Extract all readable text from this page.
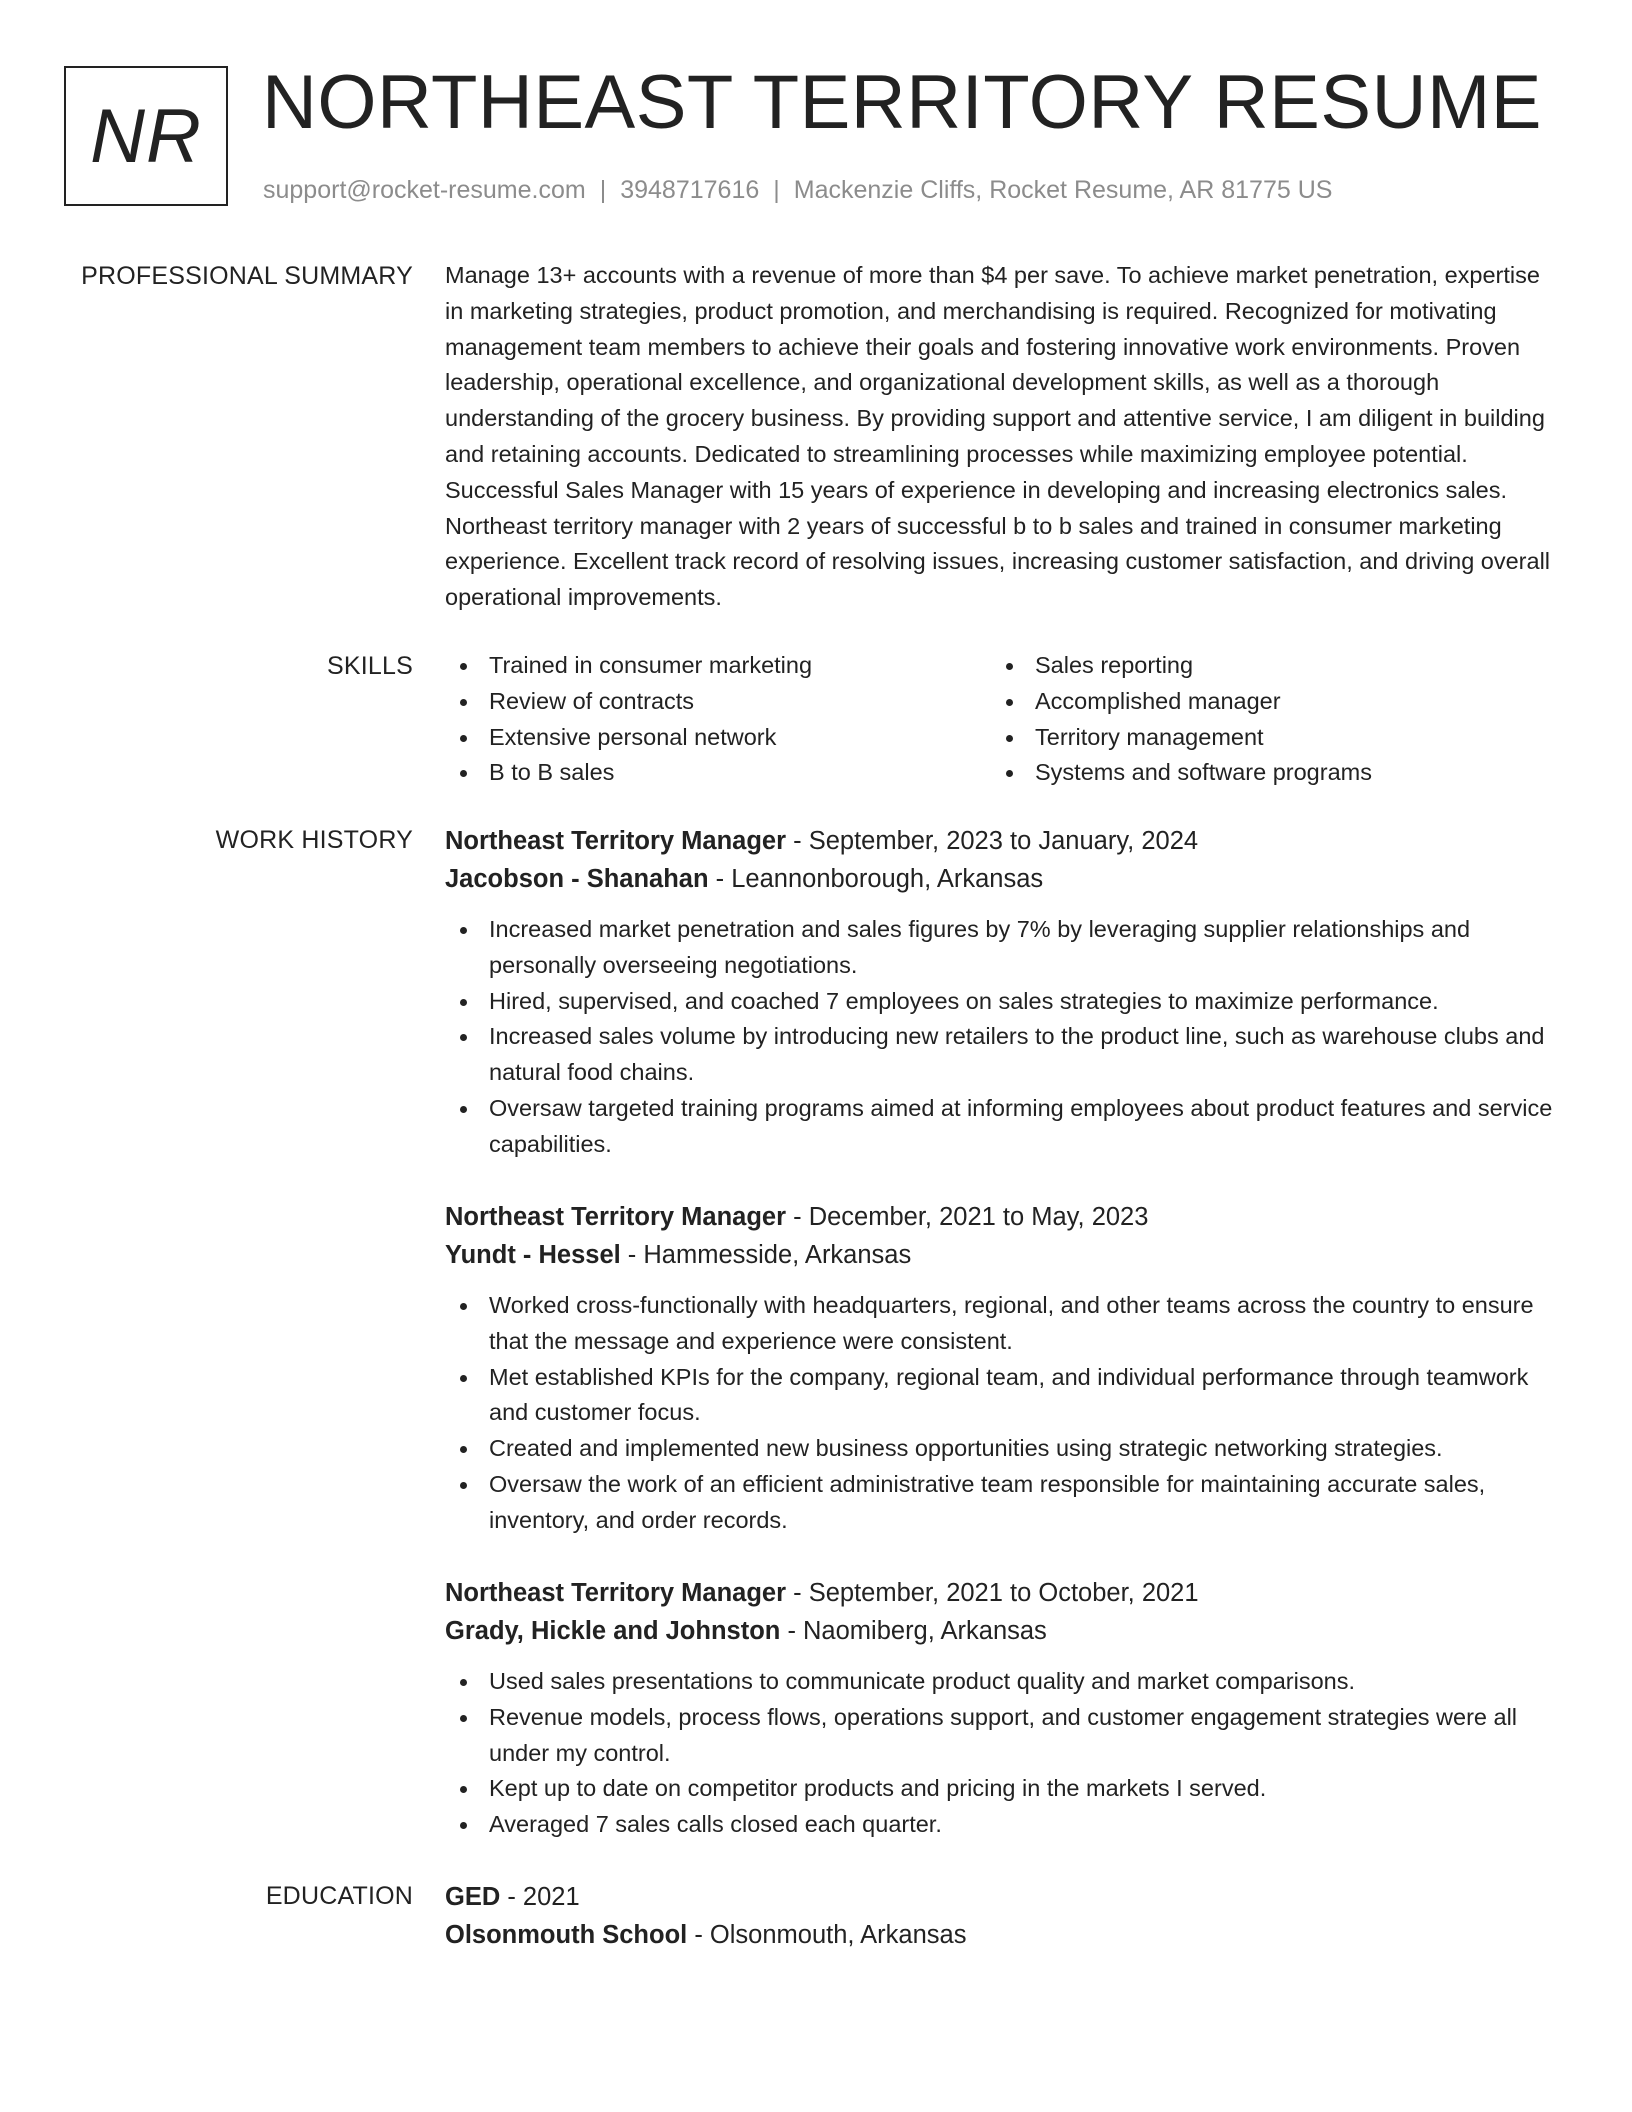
NR NORTHEAST TERRITORY RESUME
support@rocket-resume.com | 3948717616 | Mackenzie Cliffs, Rocket Resume, AR 81775 US
PROFESSIONAL SUMMARY Manage 13+ accounts with a revenue of more than $4 per save. To achieve market penetration, expertise in marketing strategies, product promotion, and merchandising is required. Recognized for motivating management team members to achieve their goals and fostering innovative work environments. Proven leadership, operational excellence, and organizational development skills, as well as a thorough understanding of the grocery business. By providing support and attentive service, I am diligent in building and retaining accounts. Dedicated to streamlining processes while maximizing employee potential. Successful Sales Manager with 15 years of experience in developing and increasing electronics sales. Northeast territory manager with 2 years of successful b to b sales and trained in consumer marketing experience. Excellent track record of resolving issues, increasing customer satisfaction, and driving overall operational improvements.

SKILLS	Trained in consumer marketing
Review of contracts
Extensive personal network
B to B sales
Sales reporting
Accomplished manager
Territory management
Systems and software programs
WORK HISTORY Northeast Territory Manager - September, 2023 to January, 2024
Jacobson - Shanahan - Leannonborough, Arkansas
Increased market penetration and sales figures by 7% by leveraging supplier relationships and personally overseeing negotiations.
Hired, supervised, and coached 7 employees on sales strategies to maximize performance.
Increased sales volume by introducing new retailers to the product line, such as warehouse clubs and natural food chains.
Oversaw targeted training programs aimed at informing employees about product features and service capabilities.
Northeast Territory Manager - December, 2021 to May, 2023
Yundt - Hessel - Hammesside, Arkansas
Worked cross-functionally with headquarters, regional, and other teams across the country to ensure that the message and experience were consistent.
Met established KPIs for the company, regional team, and individual performance through teamwork and customer focus.
Created and implemented new business opportunities using strategic networking strategies.
Oversaw the work of an efficient administrative team responsible for maintaining accurate sales, inventory, and order records.
Northeast Territory Manager - September, 2021 to October, 2021
Grady, Hickle and Johnston - Naomiberg, Arkansas
Used sales presentations to communicate product quality and market comparisons.
Revenue models, process flows, operations support, and customer engagement strategies were all under my control.
Kept up to date on competitor products and pricing in the markets I served.
Averaged 7 sales calls closed each quarter.
EDUCATION GED - 2021
Olsonmouth School - Olsonmouth, Arkansas
